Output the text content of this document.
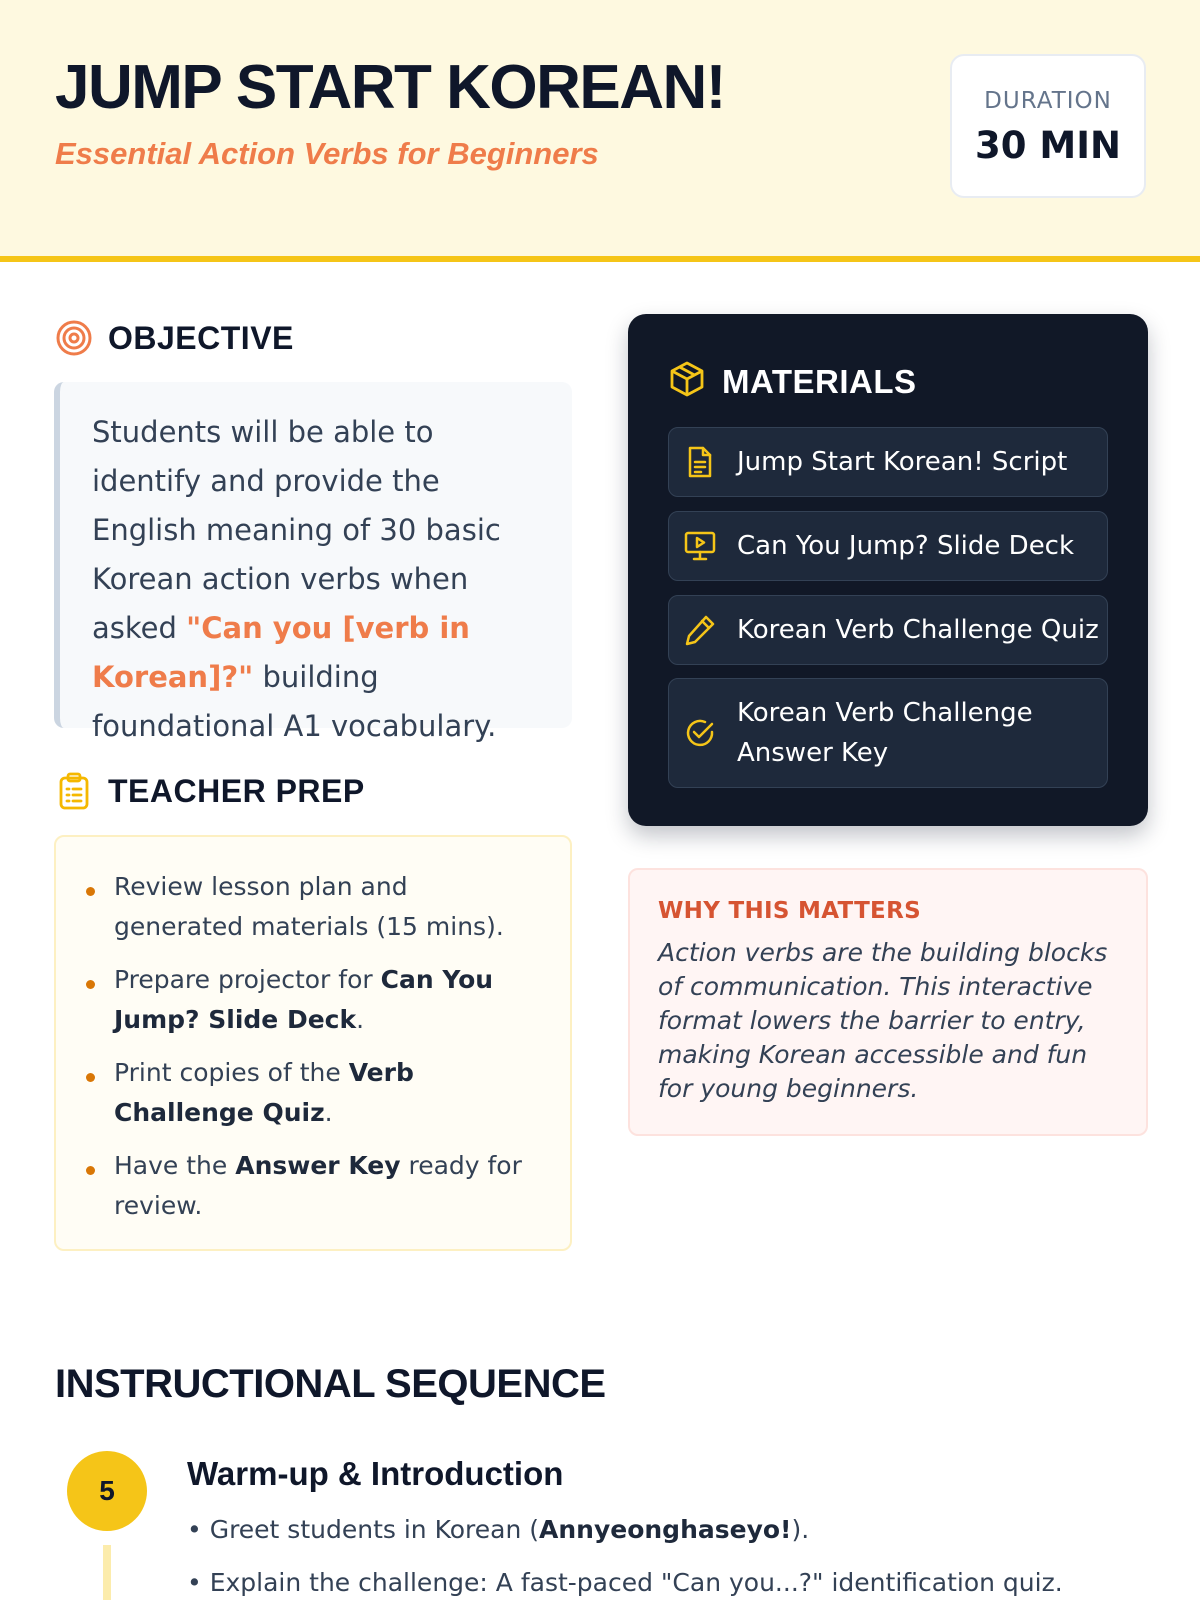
JUMP START KOREAN!
Essential Action Verbs for Beginners
DURATION
30 MIN
OBJECTIVE
Students will be able to identify and provide the English meaning of 30 basic Korean action verbs when asked "Can you [verb in Korean]?" building foundational A1 vocabulary.
TEACHER PREP
Review lesson plan and generated materials (15 mins).
Prepare projector for Can You Jump? Slide Deck.
Print copies of the Verb Challenge Quiz.
Have the Answer Key ready for review.
MATERIALS
Jump Start Korean! Script
Can You Jump? Slide Deck
Korean Verb Challenge Quiz
Korean Verb Challenge Answer Key
WHY THIS MATTERS
Action verbs are the building blocks of communication. This interactive format lowers the barrier to entry, making Korean accessible and fun for young beginners.
INSTRUCTIONAL SEQUENCE
5	Warm-up & Introduction
• Greet students in Korean (Annyeonghaseyo!).
• Explain the challenge: A fast-paced "Can you...?" identification quiz.
